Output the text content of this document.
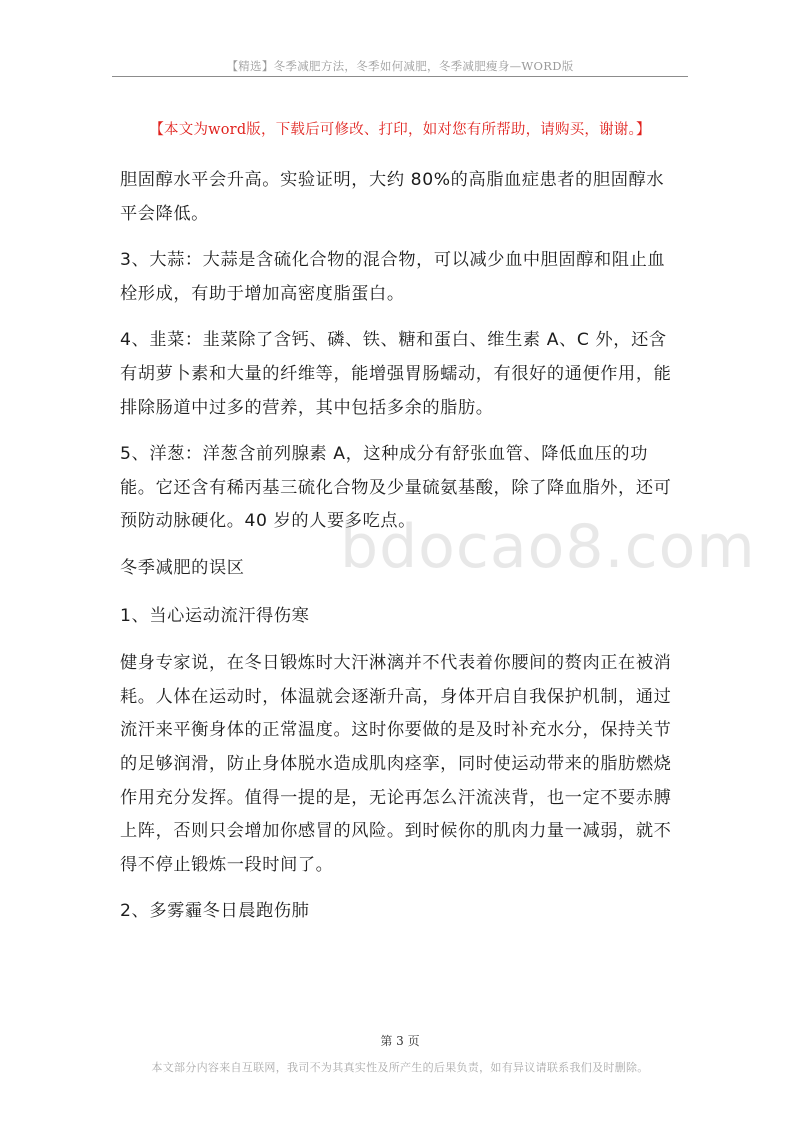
【精选】冬季减肥方法，冬季如何减肥，冬季减肥瘦身—WORD版
【本文为word版，下载后可修改、打印，如对您有所帮助，请购买，谢谢。】
bdocao8.com

胆固醇水平会升高。实验证明，大约 80%的高脂血症患者的胆固醇水平会降低。

3、大蒜：大蒜是含硫化合物的混合物，可以减少血中胆固醇和阻止血栓形成，有助于增加高密度脂蛋白。

4、韭菜：韭菜除了含钙、磷、铁、糖和蛋白、维生素 A、C 外，还含有胡萝卜素和大量的纤维等，能增强胃肠蠕动，有很好的通便作用，能排除肠道中过多的营养，其中包括多余的脂肪。

5、洋葱：洋葱含前列腺素 A，这种成分有舒张血管、降低血压的功能。它还含有稀丙基三硫化合物及少量硫氨基酸，除了降血脂外，还可预防动脉硬化。40 岁的人要多吃点。

冬季减肥的误区

1、当心运动流汗得伤寒

健身专家说，在冬日锻炼时大汗淋漓并不代表着你腰间的赘肉正在被消耗。人体在运动时，体温就会逐渐升高，身体开启自我保护机制，通过流汗来平衡身体的正常温度。这时你要做的是及时补充水分，保持关节的足够润滑，防止身体脱水造成肌肉痉挛，同时使运动带来的脂肪燃烧作用充分发挥。值得一提的是，无论再怎么汗流浃背，也一定不要赤膊上阵，否则只会增加你感冒的风险。到时候你的肌肉力量一减弱，就不得不停止锻炼一段时间了。

2、多雾霾冬日晨跑伤肺

第 3 页
本文部分内容来自互联网，我司不为其真实性及所产生的后果负责，如有异议请联系我们及时删除。
